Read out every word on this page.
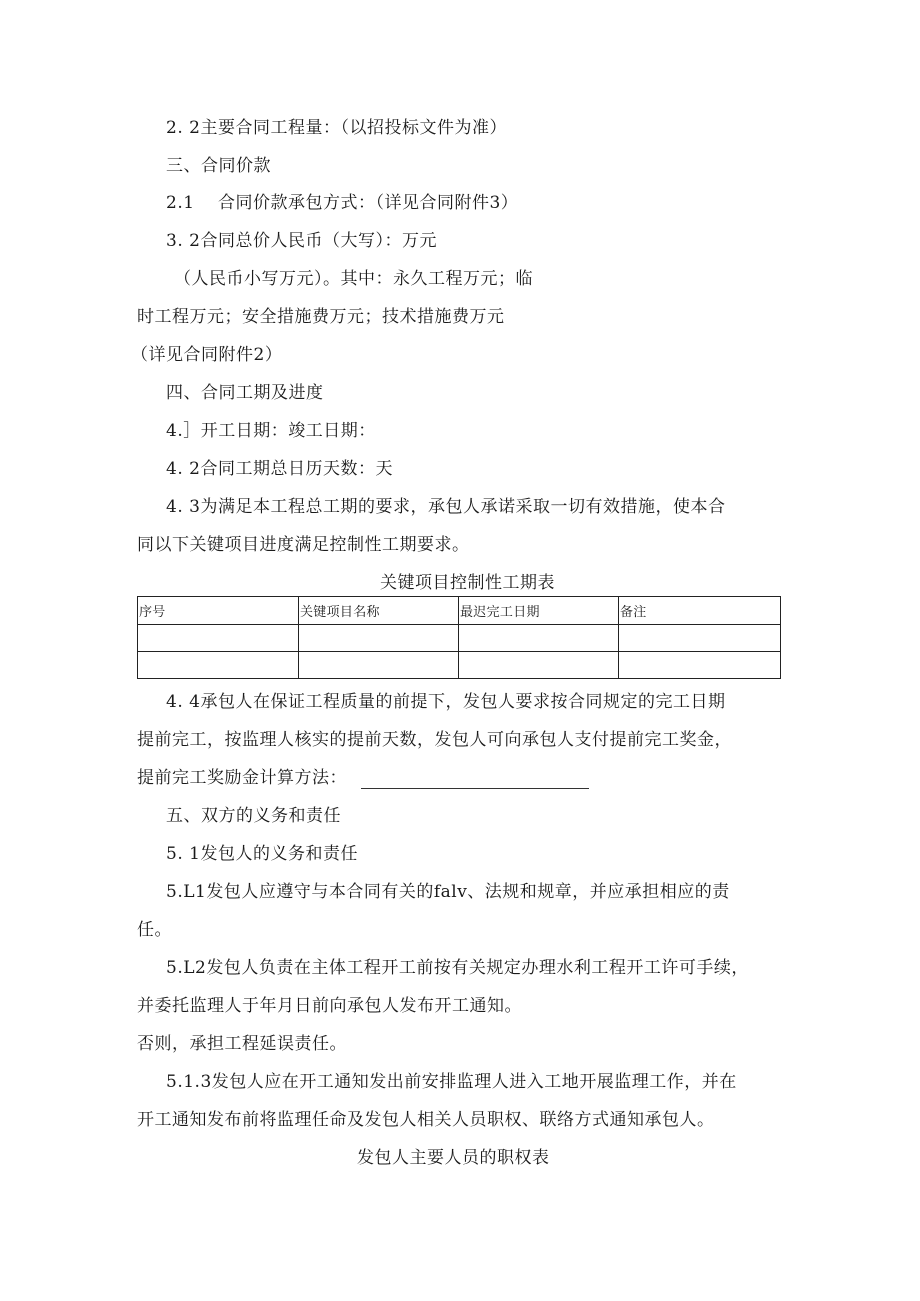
2. 2主要合同工程量：（以招投标文件为准）
三、合同价款
2.1　 合同价款承包方式：（详见合同附件3）
3. 2合同总价人民币（大写）：万元
（人民币小写万元）。其中：永久工程万元；临
时工程万元；安全措施费万元；技术措施费万元
（详见合同附件2）
四、合同工期及进度
4.］开工日期：竣工日期：
4. 2合同工期总日历天数：天
4. 3为满足本工程总工期的要求，承包人承诺采取一切有效措施，使本合
同以下关键项目进度满足控制性工期要求。
关键项目控制性工期表
序号	关键项目名称	最迟完工日期	备注

4. 4承包人在保证工程质量的前提下，发包人要求按合同规定的完工日期
提前完工，按监理人核实的提前天数，发包人可向承包人支付提前完工奖金，
提前完工奖励金计算方法：
五、双方的义务和责任
5. 1发包人的义务和责任
5.L1发包人应遵守与本合同有关的falv、法规和规章，并应承担相应的责
任。
5.L2发包人负责在主体工程开工前按有关规定办理水利工程开工许可手续，
并委托监理人于年月日前向承包人发布开工通知。
否则，承担工程延误责任。
5.1.3发包人应在开工通知发出前安排监理人进入工地开展监理工作，并在
开工通知发布前将监理任命及发包人相关人员职权、联络方式通知承包人。
发包人主要人员的职权表
